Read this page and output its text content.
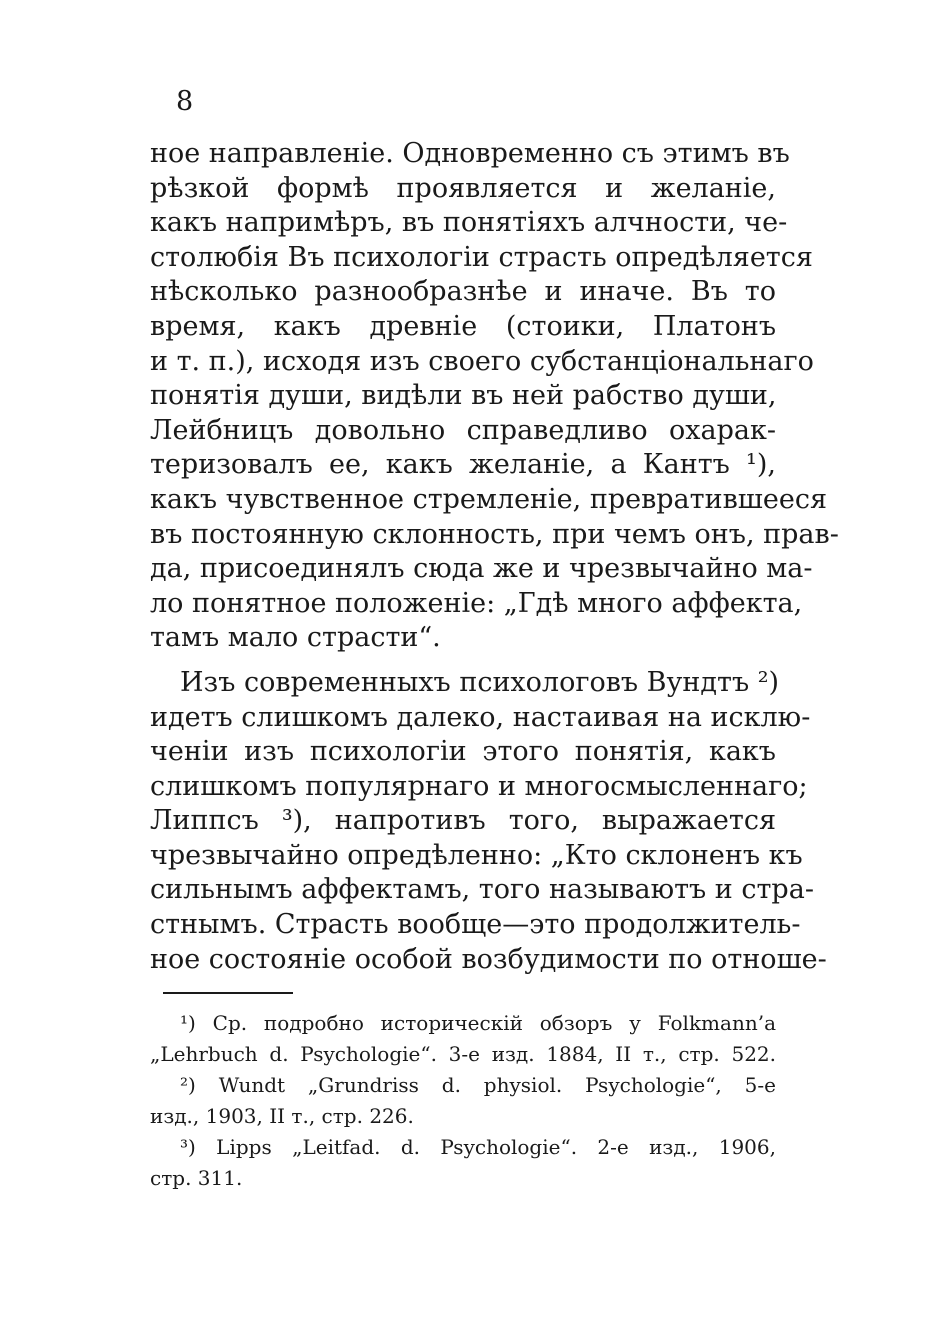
8
ное направленіе. Одновременно съ этимъ въ
рѣзкой формѣ проявляется и желаніе,
какъ напримѣръ, въ понятіяхъ алчности, че-
столюбія Въ психологіи страсть опредѣляется
нѣсколько разнообразнѣе и иначе. Въ то
время, какъ древніе (стоики, Платонъ
и т. п.), исходя изъ своего субстанціональнаго
понятія души, видѣли въ ней рабство души,
Лейбницъ довольно справедливо охарак-
теризовалъ ее, какъ желаніе, а Кантъ ¹),
какъ чувственное стремленіе, превратившееся
въ постоянную склонность, при чемъ онъ, прав-
да, присоединялъ сюда же и чрезвычайно ма-
ло понятное положеніе: „Гдѣ много аффекта,
тамъ мало страсти“.
Изъ современныхъ психологовъ Вундтъ ²)
идетъ слишкомъ далеко, настаивая на исклю-
ченіи изъ психологіи этого понятія, какъ
слишкомъ популярнаго и многосмысленнаго;
Липпсъ ³), напротивъ того, выражается
чрезвычайно опредѣленно: „Кто склоненъ къ
сильнымъ аффектамъ, того называютъ и стра-
стнымъ. Страсть вообще—это продолжитель-
ное состояніе особой возбудимости по отноше-
¹) Ср. подробно историческій обзоръ у Folkmann’a
„Lehrbuch d. Psychologie“. 3-е изд. 1884, II т., стр. 522.
²) Wundt „Grundriss d. physiol. Psychologie“, 5-е
изд., 1903, II т., стр. 226.
³) Lipps „Leitfad. d. Psychologie“. 2-е изд., 1906,
стр. 311.
